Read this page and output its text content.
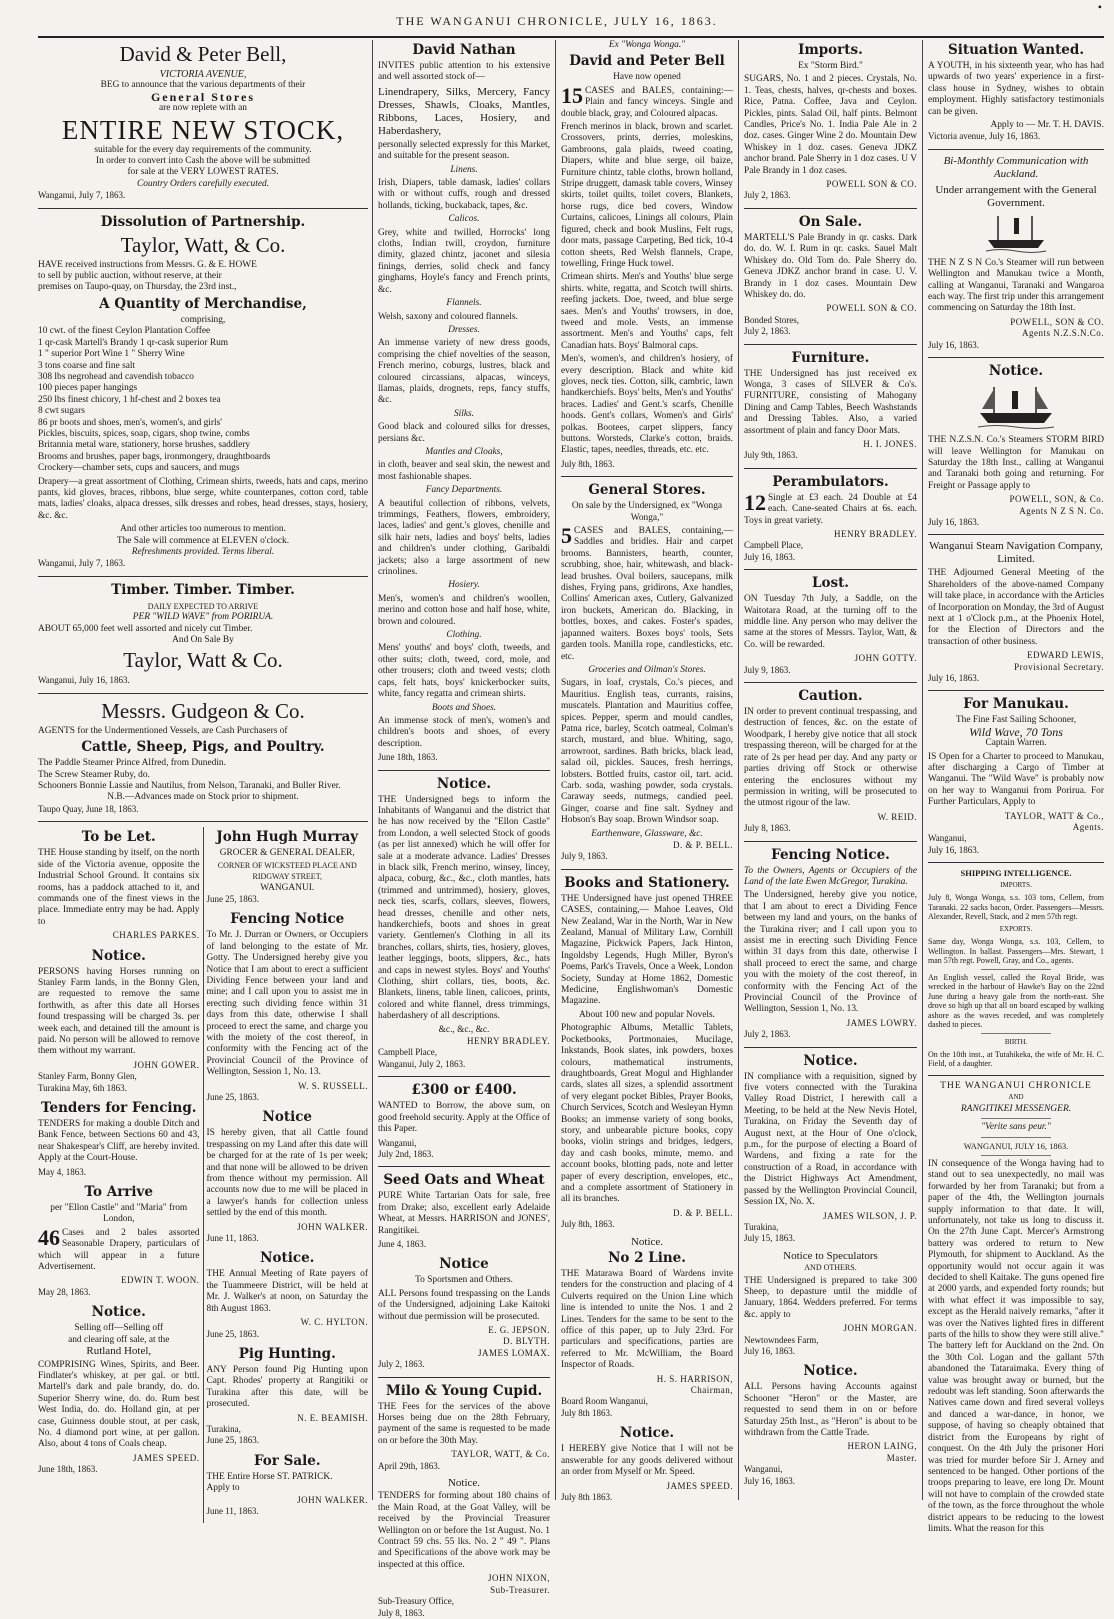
THE WANGANUI CHRONICLE, JULY 16, 1863.
•
David & Peter Bell,
VICTORIA AVENUE,
BEG to announce that the various departments of their
General Stores
are now replete with an
ENTIRE NEW STOCK,
suitable for the every day requirements of the community.
In order to convert into Cash the above will be submitted
for sale at the VERY LOWEST RATES.
Country Orders carefully executed.
Wanganui, July 7, 1863.
Dissolution of Partnership.
Taylor, Watt, & Co.
HAVE received instructions from Messrs. G. & E. HOWE
to sell by public auction, without reserve, at their
premises on Taupo-quay, on Thursday, the 23rd inst.,
A Quantity of Merchandise,
comprising,
10 cwt. of the finest Ceylon Plantation Coffee
1 qr-cask Martell's Brandy 1 qr-cask superior Rum
1 " superior Port Wine 1 " Sherry Wine
3 tons coarse and fine salt
308 lbs negrohead and cavendish tobacco
100 pieces paper hangings
250 lbs finest chicory, 1 hf-chest and 2 boxes tea
8 cwt sugars
86 pr boots and shoes, men's, women's, and girls'
Pickles, biscuits, spices, soap, cigars, shop twine, combs
Britannia metal ware, stationery, horse brushes, saddlery
Brooms and brushes, paper bags, ironmongery, draughtboards
Crockery—chamber sets, cups and saucers, and mugs
Drapery—a great assortment of Clothing, Crimean shirts, tweeds, hats and caps, merino pants, kid gloves, braces, ribbons, blue serge, white counterpanes, cotton cord, table mats, ladies' cloaks, alpaca dresses, silk dresses and robes, head dresses, stays, hosiery, &c. &c.
And other articles too numerous to mention.
The Sale will commence at ELEVEN o'clock.
Refreshments provided. Terms liberal.
Wanganui, July 7, 1863.
Timber. Timber. Timber.
DAILY EXPECTED TO ARRIVE
PER "WILD WAVE" from PORIRUA.
ABOUT 65,000 feet well assorted and nicely cut Timber.
And On Sale By
Taylor, Watt & Co.
Wanganui, July 16, 1863.
Messrs. Gudgeon & Co.
AGENTS for the Undermentioned Vessels, are Cash Purchasers of
Cattle, Sheep, Pigs, and Poultry.
The Paddle Steamer Prince Alfred, from Dunedin.
The Screw Steamer Ruby, do.
Schooners Bonnie Lassie and Nautilus, from Nelson, Taranaki, and Buller River.
N.B.—Advances made on Stock prior to shipment.
Taupo Quay, June 18, 1863.
To be Let.
THE House standing by itself, on the north side of the Victoria avenue, opposite the Industrial School Ground. It contains six rooms, has a paddock attached to it, and commands one of the finest views in the place. Immediate entry may be had. Apply to
CHARLES PARKES.
Notice.
PERSONS having Horses running on Stanley Farm lands, in the Bonny Glen, are requested to remove the same forthwith, as after this date all Horses found trespassing will be charged 3s. per week each, and detained till the amount is paid. No person will be allowed to remove them without my warrant.
JOHN GOWER.
Stanley Farm, Bonny Glen,
Turakina May, 6th 1863.
Tenders for Fencing.
TENDERS for making a double Ditch and Bank Fence, between Sections 60 and 43, near Shakespear's Cliff, are hereby invited. Apply at the Court-House.
May 4, 1863.
To Arrive
per "Ellon Castle" and "Maria" from London,
46 Cases and 2 bales assorted Seasonable Drapery, particulars of which will appear in a future Advertisement.
EDWIN T. WOON.
May 28, 1863.
Notice.
Selling off—Selling off
and clearing off sale, at the
Rutland Hotel,
COMPRISING Wines, Spirits, and Beer. Findlater's whiskey, at per gal. or bttl. Martell's dark and pale brandy, do. do. Superior Sherry wine, do. do. Rum best West India, do. do. Holland gin, at per case, Guinness double stout, at per cask, No. 4 diamond port wine, at per gallon. Also, about 4 tons of Coals cheap.
JAMES SPEED.
June 18th, 1863.
John Hugh Murray
GROCER & GENERAL DEALER,
CORNER OF WICKSTEED PLACE AND RIDGWAY STREET,
WANGANUI.
June 25, 1863.
Fencing Notice
To Mr. J. Durran or Owners, or Occupiers of land belonging to the estate of Mr. Gotty. The Undersigned hereby give you Notice that I am about to erect a sufficient Dividing Fence between your land and mine; and I call upon you to assist me in erecting such dividing fence within 31 days from this date, otherwise I shall proceed to erect the same, and charge you with the moiety of the cost thereof, in conformity with the Fencing act of the Provincial Council of the Province of Wellington, Session 1, No. 13.
W. S. RUSSELL.
June 25, 1863.
Notice
IS hereby given, that all Cattle found trespassing on my Land after this date will be charged for at the rate of 1s per week; and that none will be allowed to be driven from thence without my permission. All accounts now due to me will be placed in a lawyer's hands for collection unless settled by the end of this month.
JOHN WALKER.
June 11, 1863.
Notice.
THE Annual Meeting of Rate payers of the Tuammeere District, will be held at Mr. J. Walker's at noon, on Saturday the 8th August 1863.
W. C. HYLTON.
June 25, 1863.
Pig Hunting.
ANY Person found Pig Hunting upon Capt. Rhodes' property at Rangitiki or Turakina after this date, will be prosecuted.
N. E. BEAMISH.
Turakina,
June 25, 1863.
For Sale.
THE Entire Horse ST. PATRICK.
Apply to
JOHN WALKER.
June 11, 1863.
David Nathan
INVITES public attention to his extensive and well assorted stock of—
Linendrapery, Silks, Mercery, Fancy Dresses, Shawls, Cloaks, Mantles, Ribbons, Laces, Hosiery, and Haberdashery,
personally selected expressly for this Market, and suitable for the present season.
Linens.
Irish, Diapers, table damask, ladies' collars with or without cuffs, rough and dressed hollands, ticking, buckaback, tapes, &c.
Calicos.
Grey, white and twilled, Horrocks' long cloths, Indian twill, croydon, furniture dimity, glazed chintz, jaconet and silesia finings, derries, solid check and fancy ginghams, Hoyle's fancy and French prints, &c.
Flannels.
Welsh, saxony and coloured flannels.
Dresses.
An immense variety of new dress goods, comprising the chief novelties of the season, French merino, coburgs, lustres, black and coloured circassians, alpacas, winceys, llamas, plaids, drognets, reps, fancy stuffs, &c.
Silks.
Good black and coloured silks for dresses, persians &c.
Mantles and Cloaks,
in cloth, beaver and seal skin, the newest and most fashionable shapes.
Fancy Departments.
A beautiful collection of ribbons, velvets, trimmings, Feathers, flowers, embroidery, laces, ladies' and gent.'s gloves, chenille and silk hair nets, ladies and boys' belts, ladies and children's under clothing, Garibaldi jackets; also a large assortment of new crinolines.
Hosiery.
Men's, women's and children's woollen, merino and cotton hose and half hose, white, brown and coloured.
Clothing.
Mens' youths' and boys' cloth, tweeds, and other suits; cloth, tweed, cord, mole, and other trousers; cloth and tweed vests; cloth caps, felt hats, boys' knickerbocker suits, white, fancy regatta and crimean shirts.
Boots and Shoes.
An immense stock of men's, women's and children's boots and shoes, of every description.
June 18th, 1863.
Notice.
THE Undersigned begs to inform the Inhabitants of Wanganui and the district that he has now received by the "Ellon Castle" from London, a well selected Stock of goods (as per list annexed) which he will offer for sale at a moderate advance. Ladies' Dresses in black silk, French merino, winsey, lincey, alpaca, coburg, &c., &c., cloth mantles, hats (trimmed and untrimmed), hosiery, gloves, neck ties, scarfs, collars, sleeves, flowers, head dresses, chenille and other nets, handkerchiefs, boots and shoes in great variety. Gentlemen's Clothing in all its branches, collars, shirts, ties, hosiery, gloves, leather leggings, boots, slippers, &c., hats and caps in newest styles. Boys' and Youths' Clothing, shirt collars, ties, boots, &c. Blankets, linens, table linen, calicoes, prints, colored and white flannel, dress trimmings, haberdashery of all descriptions.
&c., &c., &c.
HENRY BRADLEY.
Campbell Place,
Wanganui, July 2, 1863.
£300 or £400.
WANTED to Borrow, the above sum, on good freehold security. Apply at the Office of this Paper.
Wanganui,
July 2nd, 1863.
Seed Oats and Wheat
PURE White Tartarian Oats for sale, free from Drake; also, excellent early Adelaide Wheat, at Messrs. HARRISON and JONES', Rangitikei.
June 4, 1863.
Notice
To Sportsmen and Others.
ALL Persons found trespassing on the Lands of the Undersigned, adjoining Lake Kaitoki without due permission will be prosecuted.
E. G. JEPSON.
D. BLYTH.
JAMES LOMAX.
July 2, 1863.
Milo & Young Cupid.
THE Fees for the services of the above Horses being due on the 28th February, payment of the same is requested to be made on or before the 30th May.
TAYLOR, WATT, & Co.
April 29th, 1863.
Notice.
TENDERS for forming about 180 chains of the Main Road, at the Goat Valley, will be received by the Provincial Treasurer Wellington on or before the 1st August. No. 1 Contract 59 chs. 55 lks. No. 2 " 49 ". Plans and Specifications of the above work may be inspected at this office.
JOHN NIXON,
Sub-Treasurer.
Sub-Treasury Office,
July 8, 1863.
Ex "Wonga Wonga."
David and Peter Bell
Have now opened
15 CASES and BALES, containing:— Plain and fancy winceys. Single and double black, gray, and Coloured alpacas.
French merinos in black, brown and scarlet. Crossovers, prints, derries, moleskins, Gambroons, gala plaids, tweed coating, Diapers, white and blue serge, oil baize, Furniture chintz, table cloths, brown holland, Stripe druggett, damask table covers, Winsey skirts, toilet quilts, toilet covers, Blankets, horse rugs, dice bed covers, Window Curtains, calicoes, Linings all colours, Plain figured, check and book Muslins, Felt rugs, door mats, passage Carpeting, Bed tick, 10-4 cotton sheets, Red Welsh flannels, Crape, towelling, Fringe Huck towel.
Crimean shirts. Men's and Youths' blue serge shirts. white, regatta, and Scotch twill shirts. reefing jackets. Doe, tweed, and blue serge saes. Men's and Youths' trowsers, in doe, tweed and mole. Vests, an immense assortment. Men's and Youths' caps, felt Canadian hats. Boys' Balmoral caps.
Men's, women's, and children's hosiery, of every description. Black and white kid gloves, neck ties. Cotton, silk, cambric, lawn handkerchiefs. Boys' belts, Men's and Youths' braces. Ladies' and Gent.'s scarfs, Chenille hoods. Gent's collars, Women's and Girls' polkas. Bootees, carpet slippers, fancy buttons. Worsteds, Clarke's cotton, braids. Elastic, tapes, needles, threads, etc. etc.
July 8th, 1863.
General Stores.
On sale by the Undersigned, ex "Wonga Wonga,"
5 CASES and BALES, containing,— Saddles and bridles. Hair and carpet brooms. Bannisters, hearth, counter, scrubbing, shoe, hair, whitewash, and black-lead brushes. Oval boilers, saucepans, milk dishes, Frying pans, gridirons, Axe handles, Collins' American axes, Cutlery, Galvanized iron buckets, American do. Blacking, in bottles, boxes, and cakes. Foster's spades, japanned waiters. Boxes boys' tools, Sets garden tools. Manilla rope, candlesticks, etc. etc.
Groceries and Oilman's Stores.
Sugars, in loaf, crystals, Co.'s pieces, and Mauritius. English teas, currants, raisins, muscatels. Plantation and Mauritius coffee, spices. Pepper, sperm and mould candles, Patna rice, barley, Scotch oatmeal, Colman's starch, mustard, and blue. Whiting, sago, arrowroot, sardines. Bath bricks, black lead, salad oil, pickles. Sauces, fresh herrings, lobsters. Bottled fruits, castor oil, tart. acid. Carb. soda, washing powder, soda crystals. Caraway seeds, nutmegs, candied peel. Ginger, coarse and fine salt. Sydney and Hobson's Bay soap. Brown Windsor soap.
Earthenware, Glassware, &c.
D. & P. BELL.
July 9, 1863.
Books and Stationery.
THE Undersigned have just opened THREE CASES, containing,— Mahoe Leaves, Old New Zealand, War in the North, War in New Zealand, Manual of Military Law, Cornhill Magazine, Pickwick Papers, Jack Hinton, Ingoldsby Legends, Hugh Miller, Byron's Poems, Park's Travels, Once a Week, London Society, Sunday at Home 1862, Domestic Medicine, Englishwoman's Domestic Magazine.
About 100 new and popular Novels.
Photographic Albums, Metallic Tablets, Pocketbooks, Portmonaies, Mucilage, Inkstands, Book slates, ink powders, boxes colours, mathematical instruments, draughtboards, Great Mogul and Highlander cards, slates all sizes, a splendid assortment of very elegant pocket Bibles, Prayer Books, Church Services, Scotch and Wesleyan Hymn Books; an immense variety of song books, story, and unbearable picture books, copy books, violin strings and bridges, ledgers, day and cash books, minute, memo. and account books, blotting pads, note and letter paper of every description, envelopes, etc., and a complete assortment of Stationery in all its branches.
D. & P. BELL.
July 8th, 1863.
Notice.
No 2 Line.
THE Matarawa Board of Wardens invite tenders for the construction and placing of 4 Culverts required on the Union Line which line is intended to unite the Nos. 1 and 2 Lines. Tenders for the same to be sent to the office of this paper, up to July 23rd. For particulars and specifications, parties are referred to Mr. McWilliam, the Board Inspector of Roads.
H. S. HARRISON,
Chairman,
Board Room Wanganui,
July 8th 1863.
Notice.
I HEREBY give Notice that I will not be answerable for any goods delivered without an order from Myself or Mr. Speed.
JAMES SPEED.
July 8th 1863.
Imports.
Ex "Storm Bird."
SUGARS, No. 1 and 2 pieces. Crystals, No. 1. Teas, chests, halves, qr-chests and boxes. Rice, Patna. Coffee, Java and Ceylon. Pickles, pints. Salad Oil, half pints. Belmont Candles, Price's No. 1. India Pale Ale in 2 doz. cases. Ginger Wine 2 do. Mountain Dew Whiskey in 1 doz. cases. Geneva JDKZ anchor brand. Pale Sherry in 1 doz cases. U V Pale Brandy in 1 doz cases.
POWELL SON & CO.
July 2, 1863.
On Sale.
MARTELL'S Pale Brandy in qr. casks. Dark do. do. W. I. Rum in qr. casks. Sauel Malt Whiskey do. Old Tom do. Pale Sherry do. Geneva JDKZ anchor brand in case. U. V. Brandy in 1 doz cases. Mountain Dew Whiskey do. do.
POWELL SON & CO.
Bonded Stores,
July 2, 1863.
Furniture.
THE Undersigned has just received ex Wonga, 3 cases of SILVER & Co's. FURNITURE, consisting of Mahogany Dining and Camp Tables, Beech Washstands and Dressing Tables. Also, a varied assortment of plain and fancy Door Mats.
H. I. JONES.
July 9th, 1863.
Perambulators.
12 Single at £3 each. 24 Double at £4 each. Cane-seated Chairs at 6s. each. Toys in great variety.
HENRY BRADLEY.
Campbell Place,
July 16, 1863.
Lost.
ON Tuesday 7th July, a Saddle, on the Waitotara Road, at the turning off to the middle line. Any person who may deliver the same at the stores of Messrs. Taylor, Watt, & Co. will be rewarded.
JOHN GOTTY.
July 9, 1863.
Caution.
IN order to prevent continual trespassing, and destruction of fences, &c. on the estate of Woodpark, I hereby give notice that all stock trespassing thereon, will be charged for at the rate of 2s per head per day. And any party or parties driving off Stock or otherwise entering the enclosures without my permission in writing, will be prosecuted to the utmost rigour of the law.
W. REID.
July 8, 1863.
Fencing Notice.
To the Owners, Agents or Occupiers of the Land of the late Ewen McGregor, Turakina.
The Undersigned, hereby give you notice, that I am about to erect a Dividing Fence between my land and yours, on the banks of the Turakina river; and I call upon you to assist me in erecting such Dividing Fence within 31 days from this date, otherwise I shall proceed to erect the same, and charge you with the moiety of the cost thereof, in conformity with the Fencing Act of the Provincial Council of the Province of Wellington, Session 1, No. 13.
JAMES LOWRY.
July 2, 1863.
Notice.
IN compliance with a requisition, signed by five voters connected with the Turakina Valley Road District, I herewith call a Meeting, to be held at the New Nevis Hotel, Turakina, on Friday the Seventh day of August next, at the Hour of One o'clock, p.m., for the purpose of electing a Board of Wardens, and fixing a rate for the construction of a Road, in accordance with the District Highways Act Amendment, passed by the Wellington Provincial Council, Session IX, No. X.
JAMES WILSON, J. P.
Turakina,
July 15, 1863.
Notice to Speculators
AND OTHERS.
THE Undersigned is prepared to take 300 Sheep, to depasture until the middle of January, 1864. Wedders preferred. For terms &c. apply to
JOHN MORGAN.
Newtowndees Farm,
July 16, 1863.
Notice.
ALL Persons having Accounts against Schooner "Heron" or the Master, are requested to send them in on or before Saturday 25th Inst., as "Heron" is about to be withdrawn from the Cattle Trade.
HERON LAING,
Master.
Wanganui,
July 16, 1863.
Situation Wanted.
A YOUTH, in his sixteenth year, who has had upwards of two years' experience in a first-class house in Sydney, wishes to obtain employment. Highly satisfactory testimonials can be given.
Apply to — Mr. T. H. DAVIS.
Victoria avenue, July 16, 1863.
Bi-Monthly Communication with Auckland.
Under arrangement with the General Government.
THE N Z S N Co.'s Steamer will run between Wellington and Manukau twice a Month, calling at Wanganui, Taranaki and Wangaroa each way. The first trip under this arrangement commencing on Saturday the 18th Inst.
POWELL, SON & CO.
Agents N.Z.S.N.Co.
July 16, 1863.
Notice.
THE N.Z.S.N. Co.'s Steamers STORM BIRD will leave Wellington for Manukau on Saturday the 18th Inst., calling at Wanganui and Taranaki both going and returning. For Freight or Passage apply to
POWELL, SON, & Co.
Agents N Z S N. Co.
July 16, 1863.
Wanganui Steam Navigation Company, Limited.
THE Adjourned General Meeting of the Shareholders of the above-named Company will take place, in accordance with the Articles of Incorporation on Monday, the 3rd of August next at 1 o'Clock p.m., at the Phoenix Hotel, for the Election of Directors and the transaction of other business.
EDWARD LEWIS,
Provisional Secretary.
July 16, 1863.
For Manukau.
The Fine Fast Sailing Schooner,
Wild Wave, 70 Tons
Captain Warren.
IS Open for a Charter to proceed to Manukau, after discharging a Cargo of Timber at Wanganui. The "Wild Wave" is probably now on her way to Wanganui from Porirua. For Further Particulars, Apply to
TAYLOR, WATT & Co.,
Agents.
Wanganui,
July 16, 1863.
SHIPPING INTELLIGENCE.
IMPORTS.
July 8, Wonga Wonga, s.s. 103 tons, Cellem, from Taranaki. 22 sacks bacon, Order. Passengers—Messrs. Alexander, Revell, Stack, and 2 men 57th regt.
EXPORTS.
Same day, Wonga Wonga, s.s. 103, Cellem, to Wellington. In ballast. Passengers—Mrs. Stewart, 1 man 57th regt. Powell, Gray, and Co., agents.
An English vessel, called the Royal Bride, was wrecked in the harbour of Hawke's Bay on the 22nd June during a heavy gale from the north-east. She drove so high up that all on board escaped by walking ashore as the waves receded, and was completely dashed to pieces.
BIRTH.
On the 10th inst., at Tutahikeka, the wife of Mr. H. C. Field, of a daughter.
THE WANGANUI CHRONICLE
AND
RANGITIKEI MESSENGER.
"Verite sans peur."
WANGANUI, JULY 16, 1863.
IN consequence of the Wonga having had to stand out to sea unexpectedly, no mail was forwarded by her from Taranaki; but from a paper of the 4th, the Wellington journals supply information to that date. It will, unfortunately, not take us long to discuss it. On the 27th June Capt. Mercer's Armstrong battery was ordered to return to New Plymouth, for shipment to Auckland. As the opportunity would not occur again it was decided to shell Kaitake. The guns opened fire at 2000 yards, and expended forty rounds; but with what effect it was impossible to say, except as the Herald naively remarks, "after it was over the Natives lighted fires in different parts of the hills to show they were still alive." The battery left for Auckland on the 2nd. On the 30th Col. Logan and the gallant 57th abandoned the Tataraimaka. Every thing of value was brought away or burned, but the redoubt was left standing. Soon afterwards the Natives came down and fired several volleys and danced a war-dance, in honor, we suppose, of having so cheaply obtained that district from the Europeans by right of conquest. On the 4th July the prisoner Hori was tried for murder before Sir J. Arney and sentenced to be hanged. Other portions of the troops preparing to leave, ere long Dr. Mount will not have to complain of the crowded state of the town, as the force throughout the whole district appears to be reducing to the lowest limits. What the reason for this
